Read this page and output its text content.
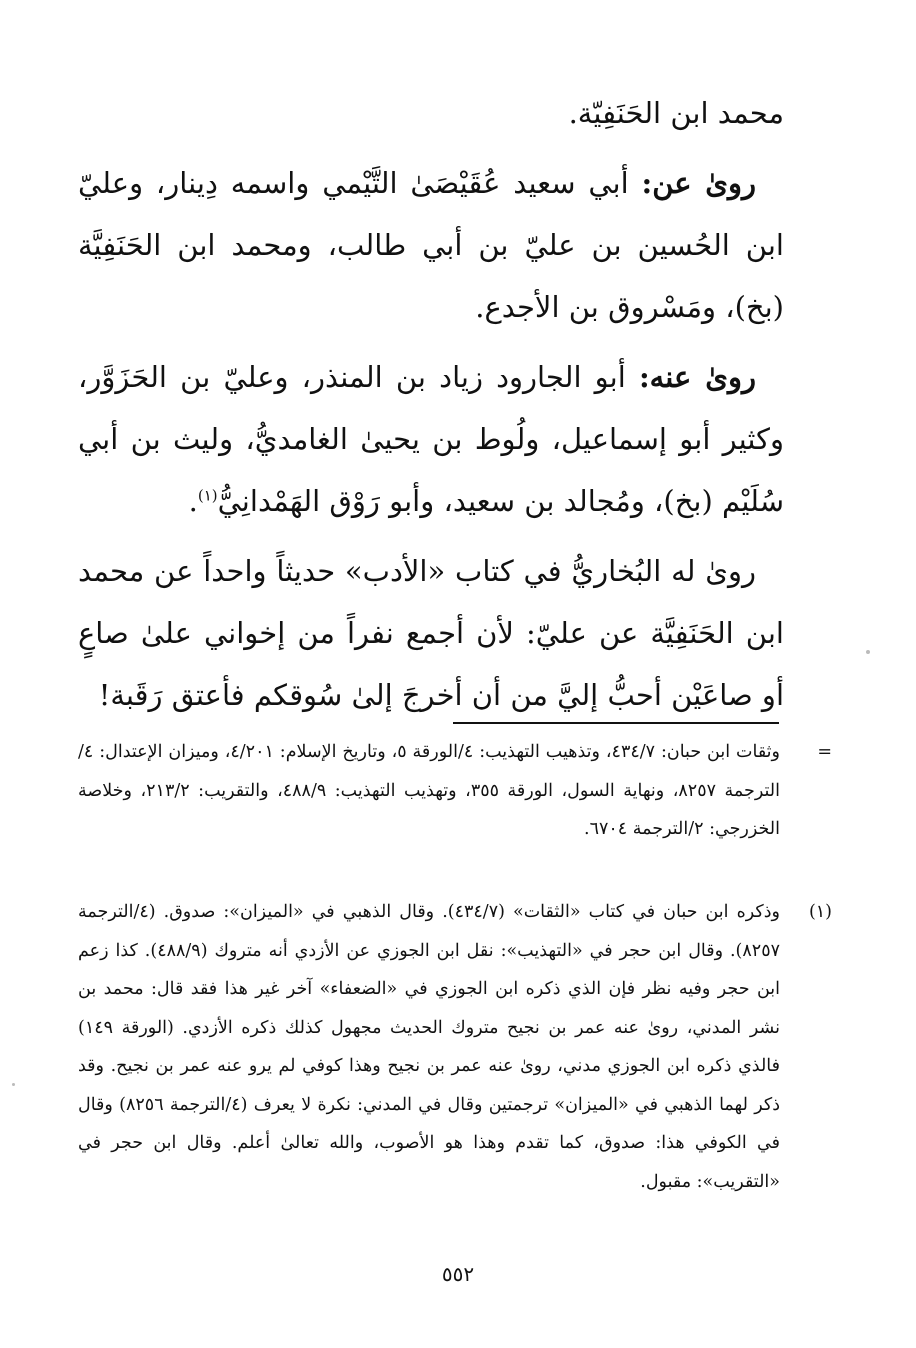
محمد ابن الحَنَفِيّة.

روىٰ عن: أبي سعيد عُقَيْصَىٰ التَّيْمي واسمه دِينار، وعليّ ابن الحُسين بن عليّ بن أبي طالب، ومحمد ابن الحَنَفِيَّة (بخ)، ومَسْروق بن الأجدع.

روىٰ عنه: أبو الجارود زياد بن المنذر، وعليّ بن الحَزَوَّر، وكثير أبو إسماعيل، ولُوط بن يحيىٰ الغامديُّ، وليث بن أبي سُلَيْم (بخ)، ومُجالد بن سعيد، وأبو رَوْق الهَمْدانِيُّ$^{(١)}$.

روىٰ له البُخاريُّ في كتاب «الأدب» حديثاً واحداً عن محمد ابن الحَنَفِيَّة عن عليّ: لأن أجمع نفراً من إخواني علىٰ صاعٍ أو صاعَيْن أحبُّ إليَّ من أن أخرجَ إلىٰ سُوقكم فأعتق رَقَبة!

=
وثقات ابن حبان: ٤٣٤/٧، وتذهيب التهذيب: ٤/الورقة ٥، وتاريخ الإسلام: ٤/٢٠١، وميزان الإعتدال: ٤/الترجمة ٨٢٥٧، ونهاية السول، الورقة ٣٥٥، وتهذيب التهذيب: ٤٨٨/٩، والتقريب: ٢١٣/٢، وخلاصة الخزرجي: ٢/الترجمة ٦٧٠٤.
(١)
وذكره ابن حبان في كتاب «الثقات» (٤٣٤/٧). وقال الذهبي في «الميزان»: صدوق. (٤/الترجمة ٨٢٥٧). وقال ابن حجر في «التهذيب»: نقل ابن الجوزي عن الأزدي أنه متروك (٤٨٨/٩). كذا زعم ابن حجر وفيه نظر فإن الذي ذكره ابن الجوزي في «الضعفاء» آخر غير هذا فقد قال: محمد بن نشر المدني، روىٰ عنه عمر بن نجيح متروك الحديث مجهول كذلك ذكره الأزدي. (الورقة ١٤٩) فالذي ذكره ابن الجوزي مدني، روىٰ عنه عمر بن نجيح وهذا كوفي لم يرو عنه عمر بن نجيح. وقد ذكر لهما الذهبي في «الميزان» ترجمتين وقال في المدني: نكرة لا يعرف (٤/الترجمة ٨٢٥٦) وقال في الكوفي هذا: صدوق، كما تقدم وهذا هو الأصوب، والله تعالىٰ أعلم. وقال ابن حجر في «التقريب»: مقبول.
٥٥٢
